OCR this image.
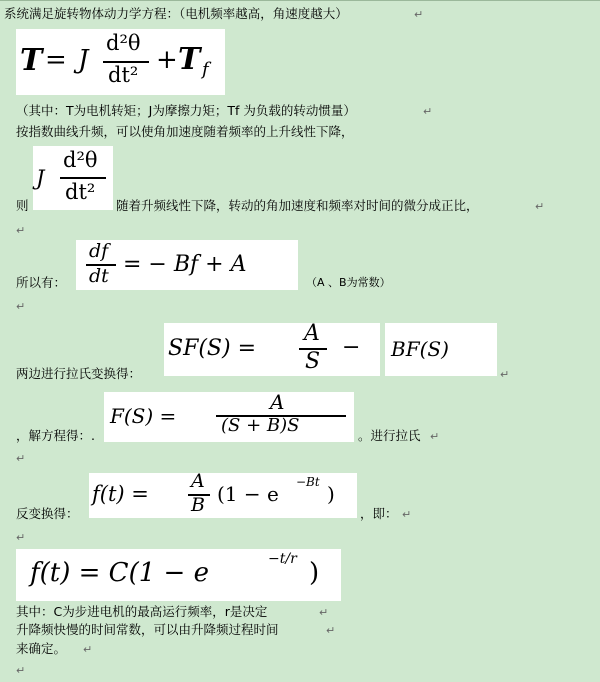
系统满足旋转物体动力学方程：（电机频率越高，角速度越大）	↵
T = J
d²θ
dt² + T f
（其中：T为电机转矩；J为摩擦力矩；Tf 为负载的转动惯量）	↵
按指数曲线升频，可以使角加速度随着频率的上升线性下降，
J
d²θ
dt²
则	随着升频线性下降，转动的角加速度和频率对时间的微分成正比，	↵
↵
df
dt = − Bf + A
所以有：	（A 、B为常数）
↵
SF(S) =
A
S
− BF(S)
两边进行拉氏变换得：	↵
F(S) =
A
(S + B)S
，解方程得：.	。进行拉氏 ↵
↵
f(t) =
A
B (1 − e −Bt )
反变换得：	，即： ↵
↵
f(t) = C(1 − e	−t/r )
其中：C为步进电机的最高运行频率，r是决定	↵
升降频快慢的时间常数，可以由升降频过程时间	↵
来确定。 ↵
↵
